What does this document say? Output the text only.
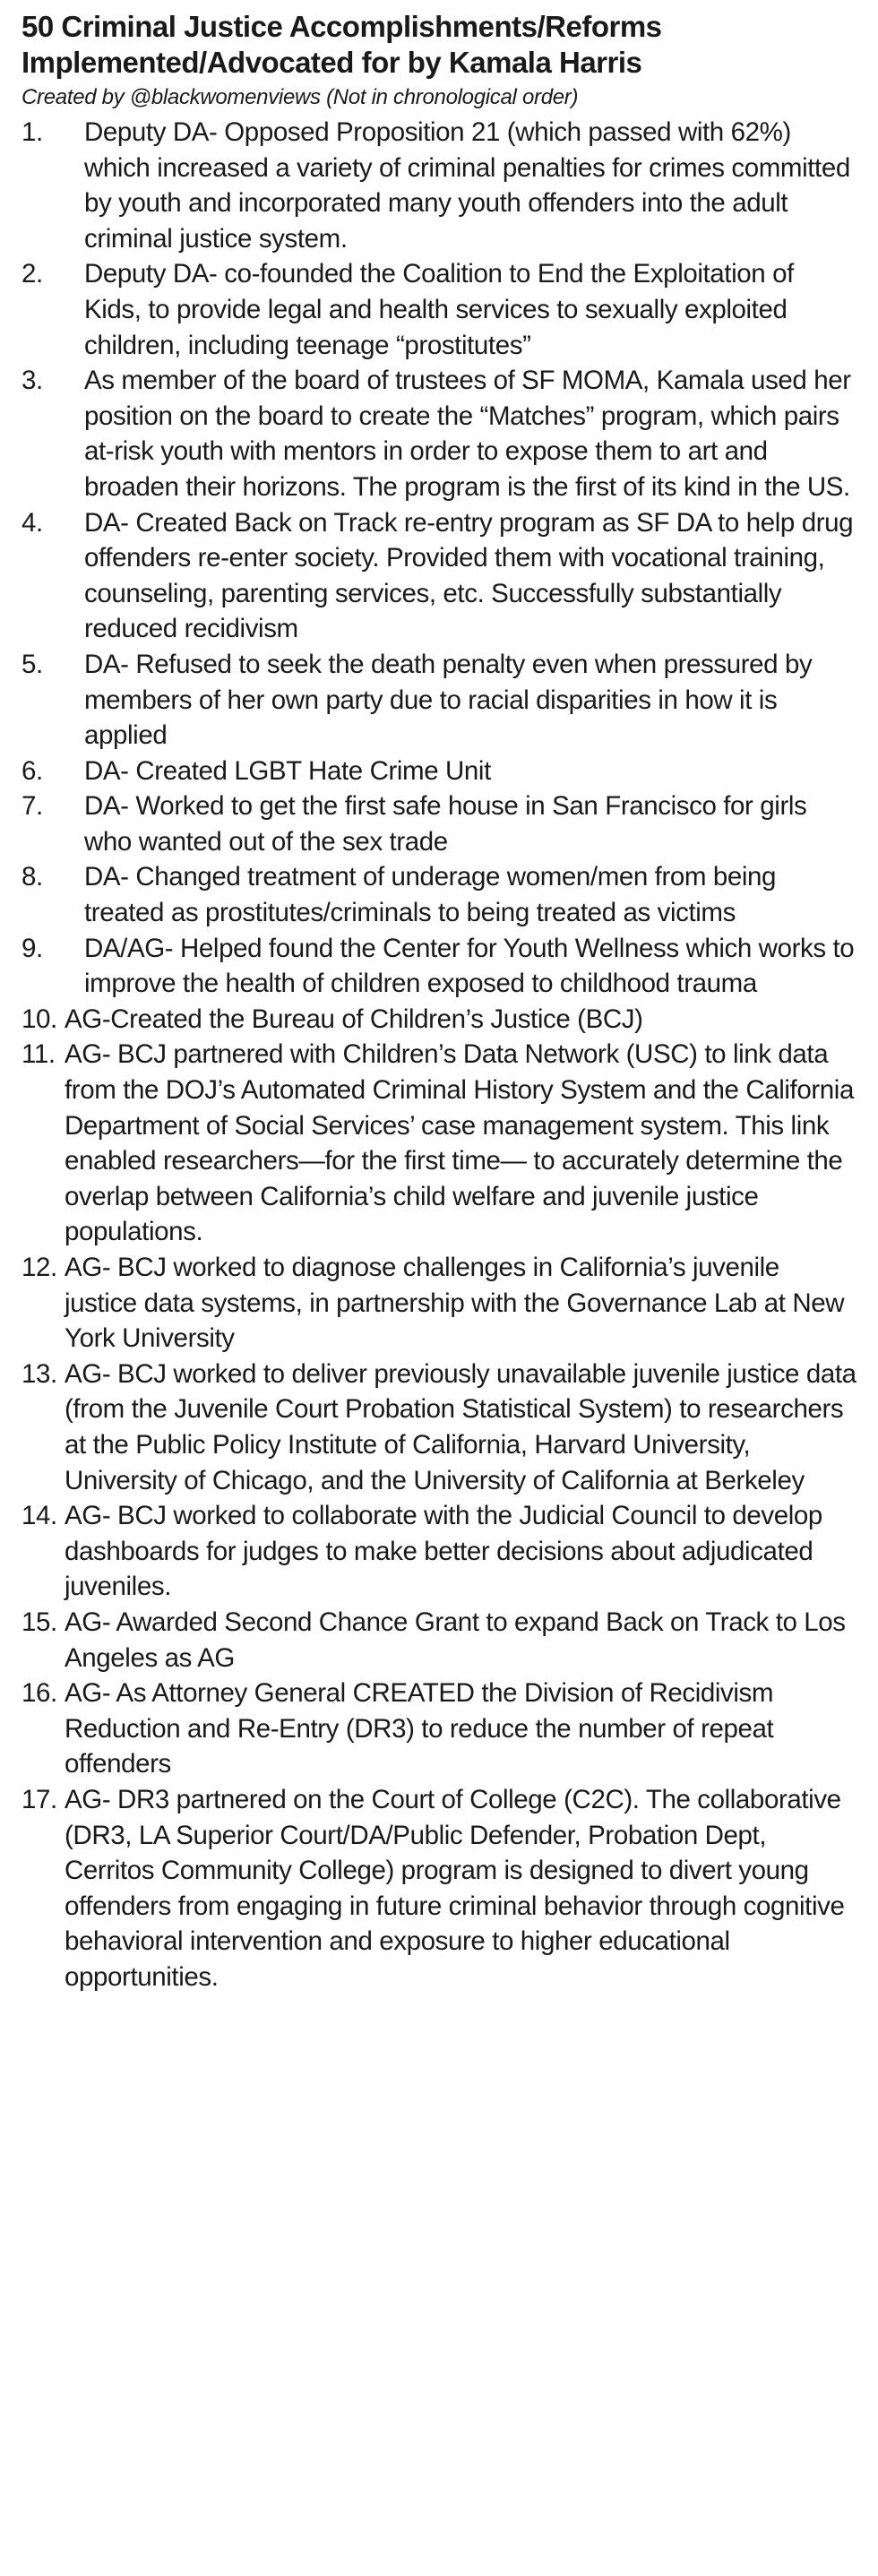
50 Criminal Justice Accomplishments/Reforms
Implemented/Advocated for by Kamala Harris
Created by @blackwomenviews (Not in chronological order)
1.	Deputy DA- Opposed Proposition 21 (which passed with 62%) which increased a variety of criminal penalties for crimes committed by youth and incorporated many youth offenders into the adult criminal justice system.
2.	Deputy DA- co-founded the Coalition to End the Exploitation of Kids, to provide legal and health services to sexually exploited children, including teenage “prostitutes”
3.	As member of the board of trustees of SF MOMA, Kamala used her position on the board to create the “Matches” program, which pairs at-risk youth with mentors in order to expose them to art and broaden their horizons. The program is the first of its kind in the US.
4.	DA- Created Back on Track re-entry program as SF DA to help drug offenders re-enter society. Provided them with vocational training, counseling, parenting services, etc. Successfully substantially reduced recidivism
5.	DA- Refused to seek the death penalty even when pressured by members of her own party due to racial disparities in how it is applied
6.	DA- Created LGBT Hate Crime Unit
7.	DA- Worked to get the first safe house in San Francisco for girls who wanted out of the sex trade
8.	DA- Changed treatment of underage women/men from being treated as prostitutes/criminals to being treated as victims
9.	DA/AG- Helped found the Center for Youth Wellness which works to improve the health of children exposed to childhood trauma
10. AG-Created the Bureau of Children’s Justice (BCJ)
11. AG- BCJ partnered with Children’s Data Network (USC) to link data from the DOJ’s Automated Criminal History System and the California Department of Social Services’ case management system. This link enabled researchers—for the first time— to accurately determine the overlap between California’s child welfare and juvenile justice populations.
12. AG- BCJ worked to diagnose challenges in California’s juvenile justice data systems, in partnership with the Governance Lab at New York University
13. AG- BCJ worked to deliver previously unavailable juvenile justice data (from the Juvenile Court Probation Statistical System) to researchers at the Public Policy Institute of California, Harvard University, University of Chicago, and the University of California at Berkeley
14. AG- BCJ worked to collaborate with the Judicial Council to develop dashboards for judges to make better decisions about adjudicated juveniles.
15. AG- Awarded Second Chance Grant to expand Back on Track to Los Angeles as AG
16. AG- As Attorney General CREATED the Division of Recidivism Reduction and Re-Entry (DR3) to reduce the number of repeat offenders
17. AG- DR3 partnered on the Court of College (C2C). The collaborative (DR3, LA Superior Court/DA/Public Defender, Probation Dept, Cerritos Community College) program is designed to divert young offenders from engaging in future criminal behavior through cognitive behavioral intervention and exposure to higher educational opportunities.
